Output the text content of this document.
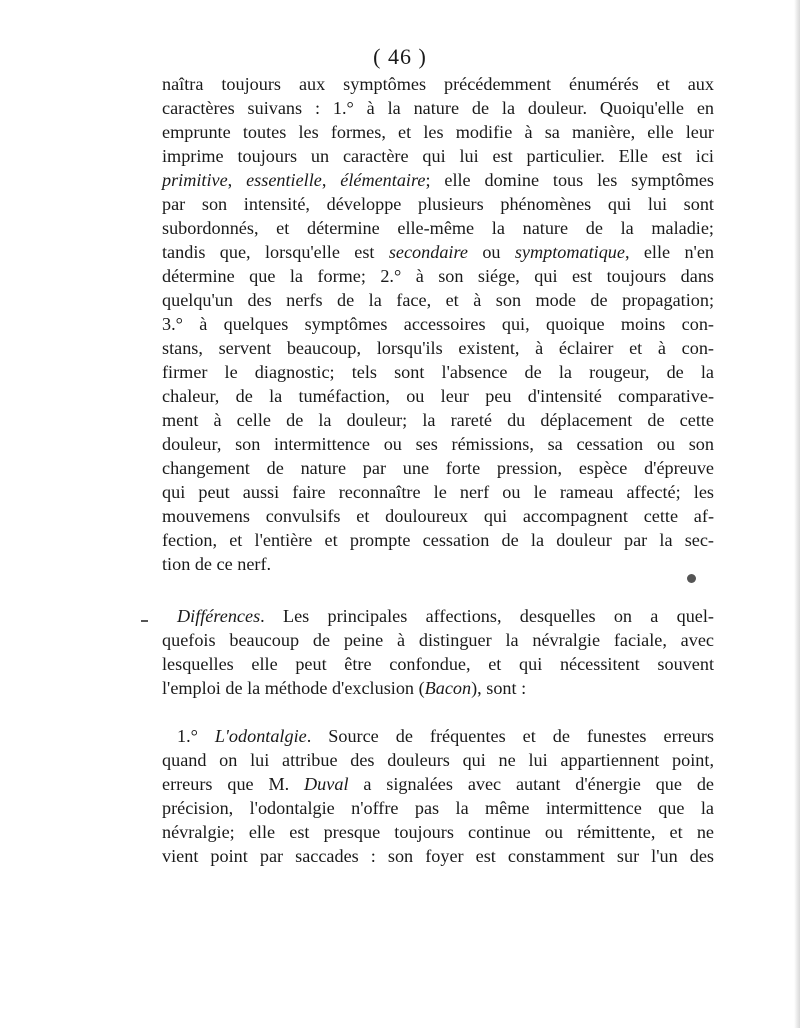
( 46 )
naîtra toujours aux symptômes précédemment énumérés et aux
caractères suivans : 1.° à la nature de la douleur. Quoiqu'elle en
emprunte toutes les formes, et les modifie à sa manière, elle leur
imprime toujours un caractère qui lui est particulier. Elle est ici
primitive, essentielle, élémentaire; elle domine tous les symptômes
par son intensité, développe plusieurs phénomènes qui lui sont
subordonnés, et détermine elle-même la nature de la maladie;
tandis que, lorsqu'elle est secondaire ou symptomatique, elle n'en
détermine que la forme; 2.° à son siége, qui est toujours dans
quelqu'un des nerfs de la face, et à son mode de propagation;
3.° à quelques symptômes accessoires qui, quoique moins con-
stans, servent beaucoup, lorsqu'ils existent, à éclairer et à con-
firmer le diagnostic; tels sont l'absence de la rougeur, de la
chaleur, de la tuméfaction, ou leur peu d'intensité comparative-
ment à celle de la douleur; la rareté du déplacement de cette
douleur, son intermittence ou ses rémissions, sa cessation ou son
changement de nature par une forte pression, espèce d'épreuve
qui peut aussi faire reconnaître le nerf ou le rameau affecté; les
mouvemens convulsifs et douloureux qui accompagnent cette af-
fection, et l'entière et prompte cessation de la douleur par la sec-
tion de ce nerf.
Différences. Les principales affections, desquelles on a quel-
quefois beaucoup de peine à distinguer la névralgie faciale, avec
lesquelles elle peut être confondue, et qui nécessitent souvent
l'emploi de la méthode d'exclusion (Bacon), sont :
1.° L'odontalgie. Source de fréquentes et de funestes erreurs
quand on lui attribue des douleurs qui ne lui appartiennent point,
erreurs que M. Duval a signalées avec autant d'énergie que de
précision, l'odontalgie n'offre pas la même intermittence que la
névralgie; elle est presque toujours continue ou rémittente, et ne
vient point par saccades : son foyer est constamment sur l'un des
